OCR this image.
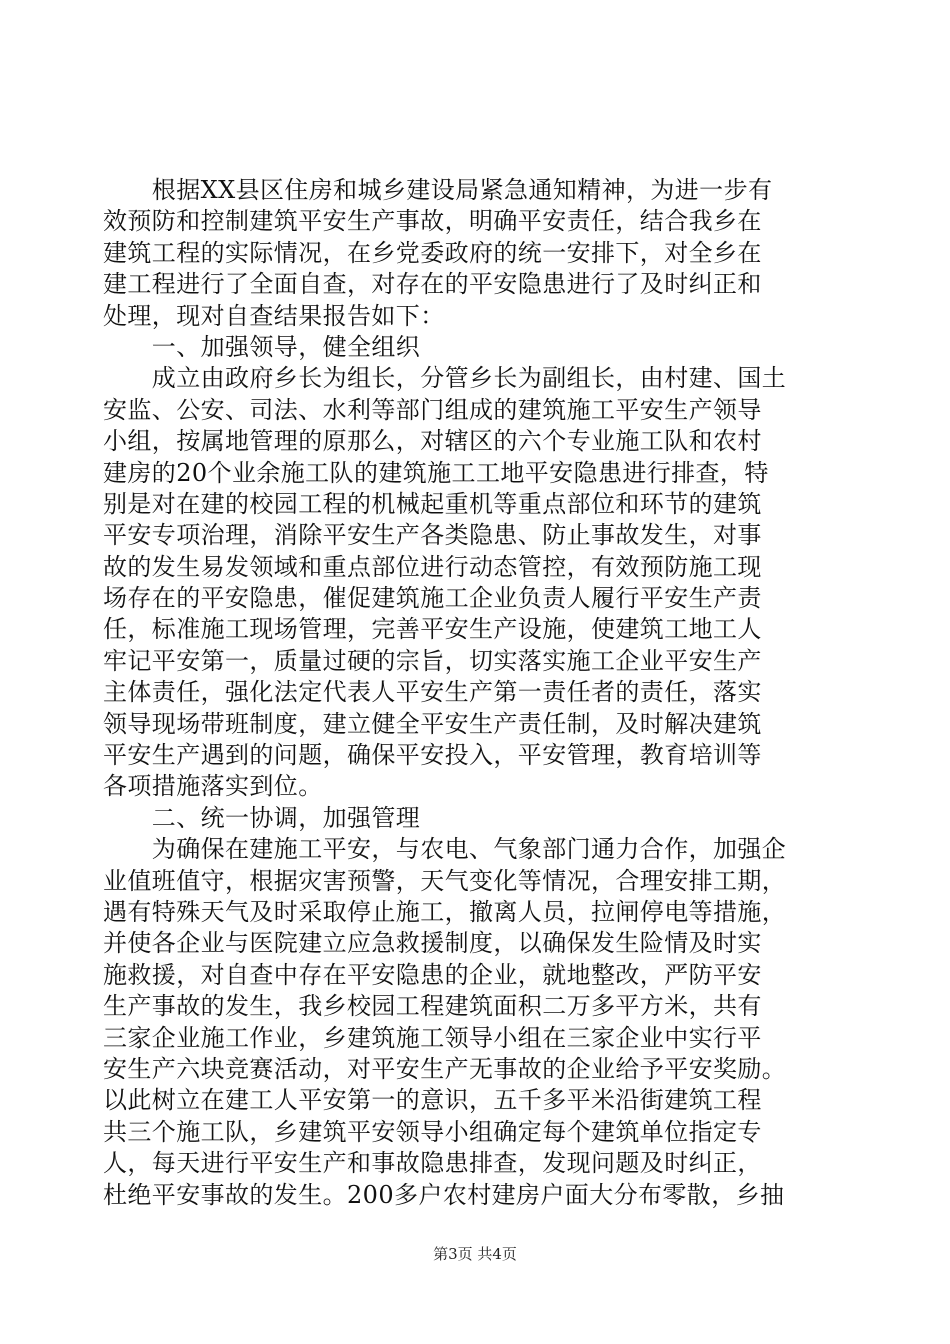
　　根据XX县区住房和城乡建设局紧急通知精神，为进一步有
效预防和控制建筑平安生产事故，明确平安责任，结合我乡在
建筑工程的实际情况，在乡党委政府的统一安排下，对全乡在
建工程进行了全面自查，对存在的平安隐患进行了及时纠正和
处理，现对自查结果报告如下：
　　一、加强领导，健全组织
　　成立由政府乡长为组长，分管乡长为副组长，由村建、国土
安监、公安、司法、水利等部门组成的建筑施工平安生产领导
小组，按属地管理的原那么，对辖区的六个专业施工队和农村
建房的20个业余施工队的建筑施工工地平安隐患进行排查，特
别是对在建的校园工程的机械起重机等重点部位和环节的建筑
平安专项治理，消除平安生产各类隐患、防止事故发生，对事
故的发生易发领域和重点部位进行动态管控，有效预防施工现
场存在的平安隐患，催促建筑施工企业负责人履行平安生产责
任，标准施工现场管理，完善平安生产设施，使建筑工地工人
牢记平安第一，质量过硬的宗旨，切实落实施工企业平安生产
主体责任，强化法定代表人平安生产第一责任者的责任，落实
领导现场带班制度，建立健全平安生产责任制，及时解决建筑
平安生产遇到的问题，确保平安投入，平安管理，教育培训等
各项措施落实到位。
　　二、统一协调，加强管理
　　为确保在建施工平安，与农电、气象部门通力合作，加强企
业值班值守，根据灾害预警，天气变化等情况，合理安排工期，
遇有特殊天气及时采取停止施工，撤离人员，拉闸停电等措施，
并使各企业与医院建立应急救援制度，以确保发生险情及时实
施救援，对自查中存在平安隐患的企业，就地整改，严防平安
生产事故的发生，我乡校园工程建筑面积二万多平方米，共有
三家企业施工作业，乡建筑施工领导小组在三家企业中实行平
安生产六块竞赛活动，对平安生产无事故的企业给予平安奖励。
以此树立在建工人平安第一的意识，五千多平米沿街建筑工程
共三个施工队，乡建筑平安领导小组确定每个建筑单位指定专
人，每天进行平安生产和事故隐患排查，发现问题及时纠正，
杜绝平安事故的发生。200多户农村建房户面大分布零散，乡抽
第3页 共4页
